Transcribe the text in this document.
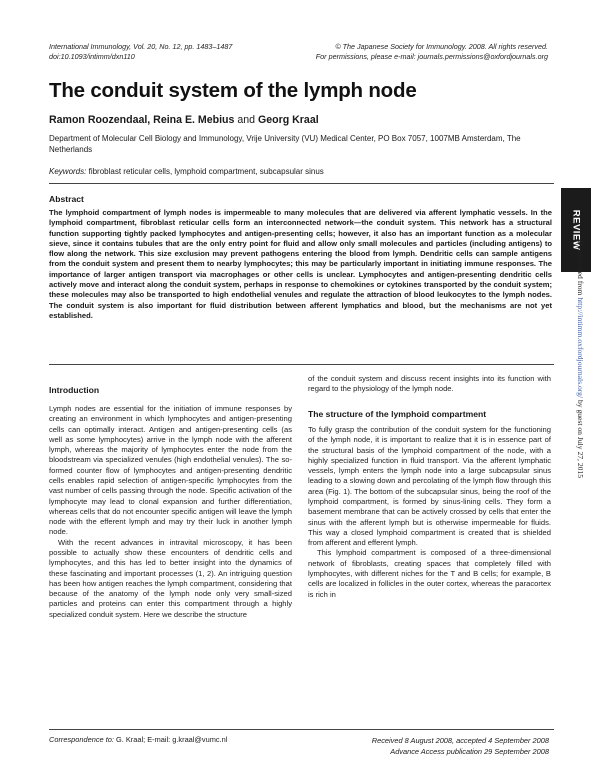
International Immunology, Vol. 20, No. 12, pp. 1483–1487
doi:10.1093/intimm/dxn110
© The Japanese Society for Immunology. 2008. All rights reserved.
For permissions, please e-mail: journals.permissions@oxfordjournals.org
The conduit system of the lymph node
Ramon Roozendaal, Reina E. Mebius and Georg Kraal
Department of Molecular Cell Biology and Immunology, Vrije University (VU) Medical Center, PO Box 7057, 1007MB Amsterdam, The Netherlands
Keywords: fibroblast reticular cells, lymphoid compartment, subcapsular sinus
Abstract
The lymphoid compartment of lymph nodes is impermeable to many molecules that are delivered via afferent lymphatic vessels. In the lymphoid compartment, fibroblast reticular cells form an interconnected network—the conduit system. This network has a structural function supporting tightly packed lymphocytes and antigen-presenting cells; however, it also has an important function as a molecular sieve, since it contains tubules that are the only entry point for fluid and allow only small molecules and particles (including antigens) to flow along the network. This size exclusion may prevent pathogens entering the blood from lymph. Dendritic cells can sample antigens from the conduit system and present them to nearby lymphocytes; this may be particularly important in initiating immune responses. The importance of larger antigen transport via macrophages or other cells is unclear. Lymphocytes and antigen-presenting dendritic cells actively move and interact along the conduit system, perhaps in response to chemokines or cytokines transported by the conduit system; these molecules may also be transported to high endothelial venules and regulate the attraction of blood leukocytes to the lymph nodes. The conduit system is also important for fluid distribution between afferent lymphatics and blood, but the mechanisms are not yet established.
Introduction

Lymph nodes are essential for the initiation of immune responses by creating an environment in which lymphocytes and antigen-presenting cells can optimally interact. Antigen and antigen-presenting cells (as well as some lymphocytes) arrive in the lymph node with the afferent lymph, whereas the majority of lymphocytes enter the node from the bloodstream via specialized venules (high endothelial venules). The so-formed counter flow of lymphocytes and antigen-presenting dendritic cells enables rapid selection of antigen-specific lymphocytes from the vast number of cells passing through the node. Specific activation of the lymphocyte may lead to clonal expansion and further differentiation, whereas cells that do not encounter specific antigen will leave the lymph node with the efferent lymph and may try their luck in another lymph node.

With the recent advances in intravital microscopy, it has been possible to actually show these encounters of dendritic cells and lymphocytes, and this has led to better insight into the dynamics of these fascinating and important processes (1, 2). An intriguing question has been how antigen reaches the lymph compartment, considering that because of the anatomy of the lymph node only very small-sized particles and proteins can enter this compartment through a highly specialized conduit system. Here we describe the structure

of the conduit system and discuss recent insights into its function with regard to the physiology of the lymph node.

The structure of the lymphoid compartment

To fully grasp the contribution of the conduit system for the functioning of the lymph node, it is important to realize that it is in essence part of the structural basis of the lymphoid compartment of the node, with a highly specialized function in fluid transport. Via the afferent lymphatic vessels, lymph enters the lymph node into a large subcapsular sinus leading to a slowing down and percolating of the lymph flow through this area (Fig. 1). The bottom of the subcapsular sinus, being the roof of the lymphoid compartment, is formed by sinus-lining cells. They form a basement membrane that can be actively crossed by cells that enter the sinus with the afferent lymph but is otherwise impermeable for fluids. This way a closed lymphoid compartment is created that is shielded from afferent and efferent lymph.

This lymphoid compartment is composed of a three-dimensional network of fibroblasts, creating spaces that completely filled with lymphocytes, with different niches for the T and B cells; for example, B cells are localized in follicles in the outer cortex, whereas the paracortex is rich in

REVIEW
Downloaded from http://intimm.oxfordjournals.org/ by guest on July 27, 2015
Correspondence to: G. Kraal; E-mail: g.kraal@vumc.nl	Received 8 August 2008, accepted 4 September 2008
Advance Access publication 29 September 2008
